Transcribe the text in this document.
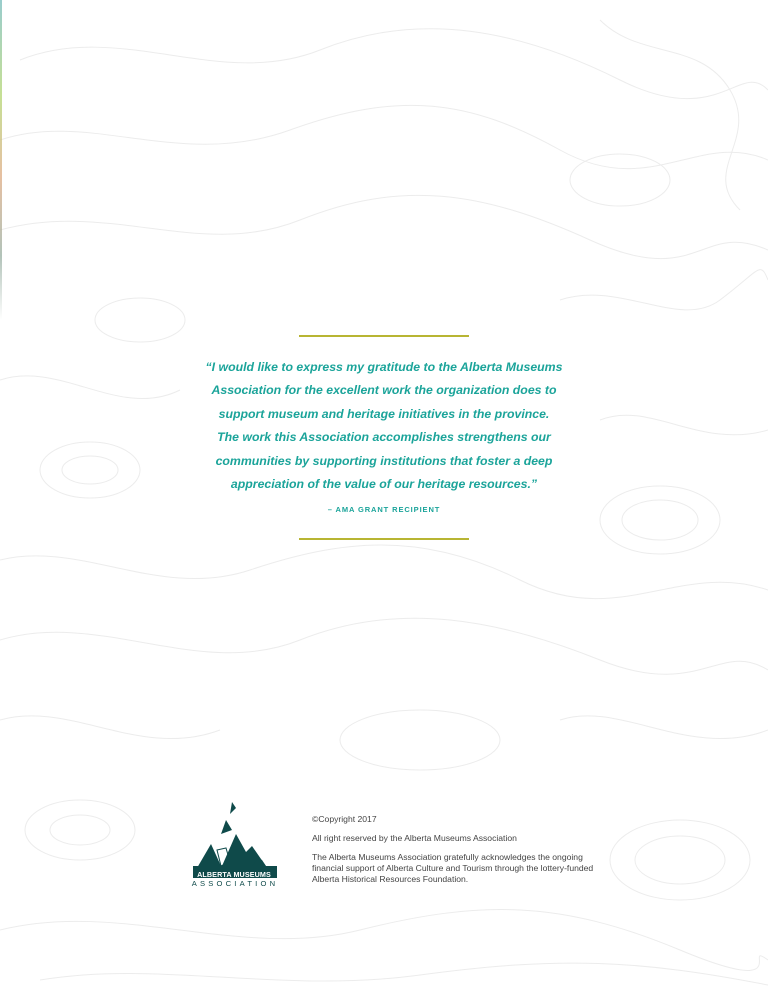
“I would like to express my gratitude to the Alberta Museums
Association for the excellent work the organization does to
support museum and heritage initiatives in the province.
The work this Association accomplishes strengthens our
communities by supporting institutions that foster a deep
appreciation of the value of our heritage resources.”
– AMA GRANT RECIPIENT
ALBERTA MUSEUMS
ASSOCIATION

©Copyright 2017

All right reserved by the Alberta Museums Association

The Alberta Museums Association gratefully acknowledges the ongoing financial support of Alberta Culture and Tourism through the lottery-funded Alberta Historical Resources Foundation.
